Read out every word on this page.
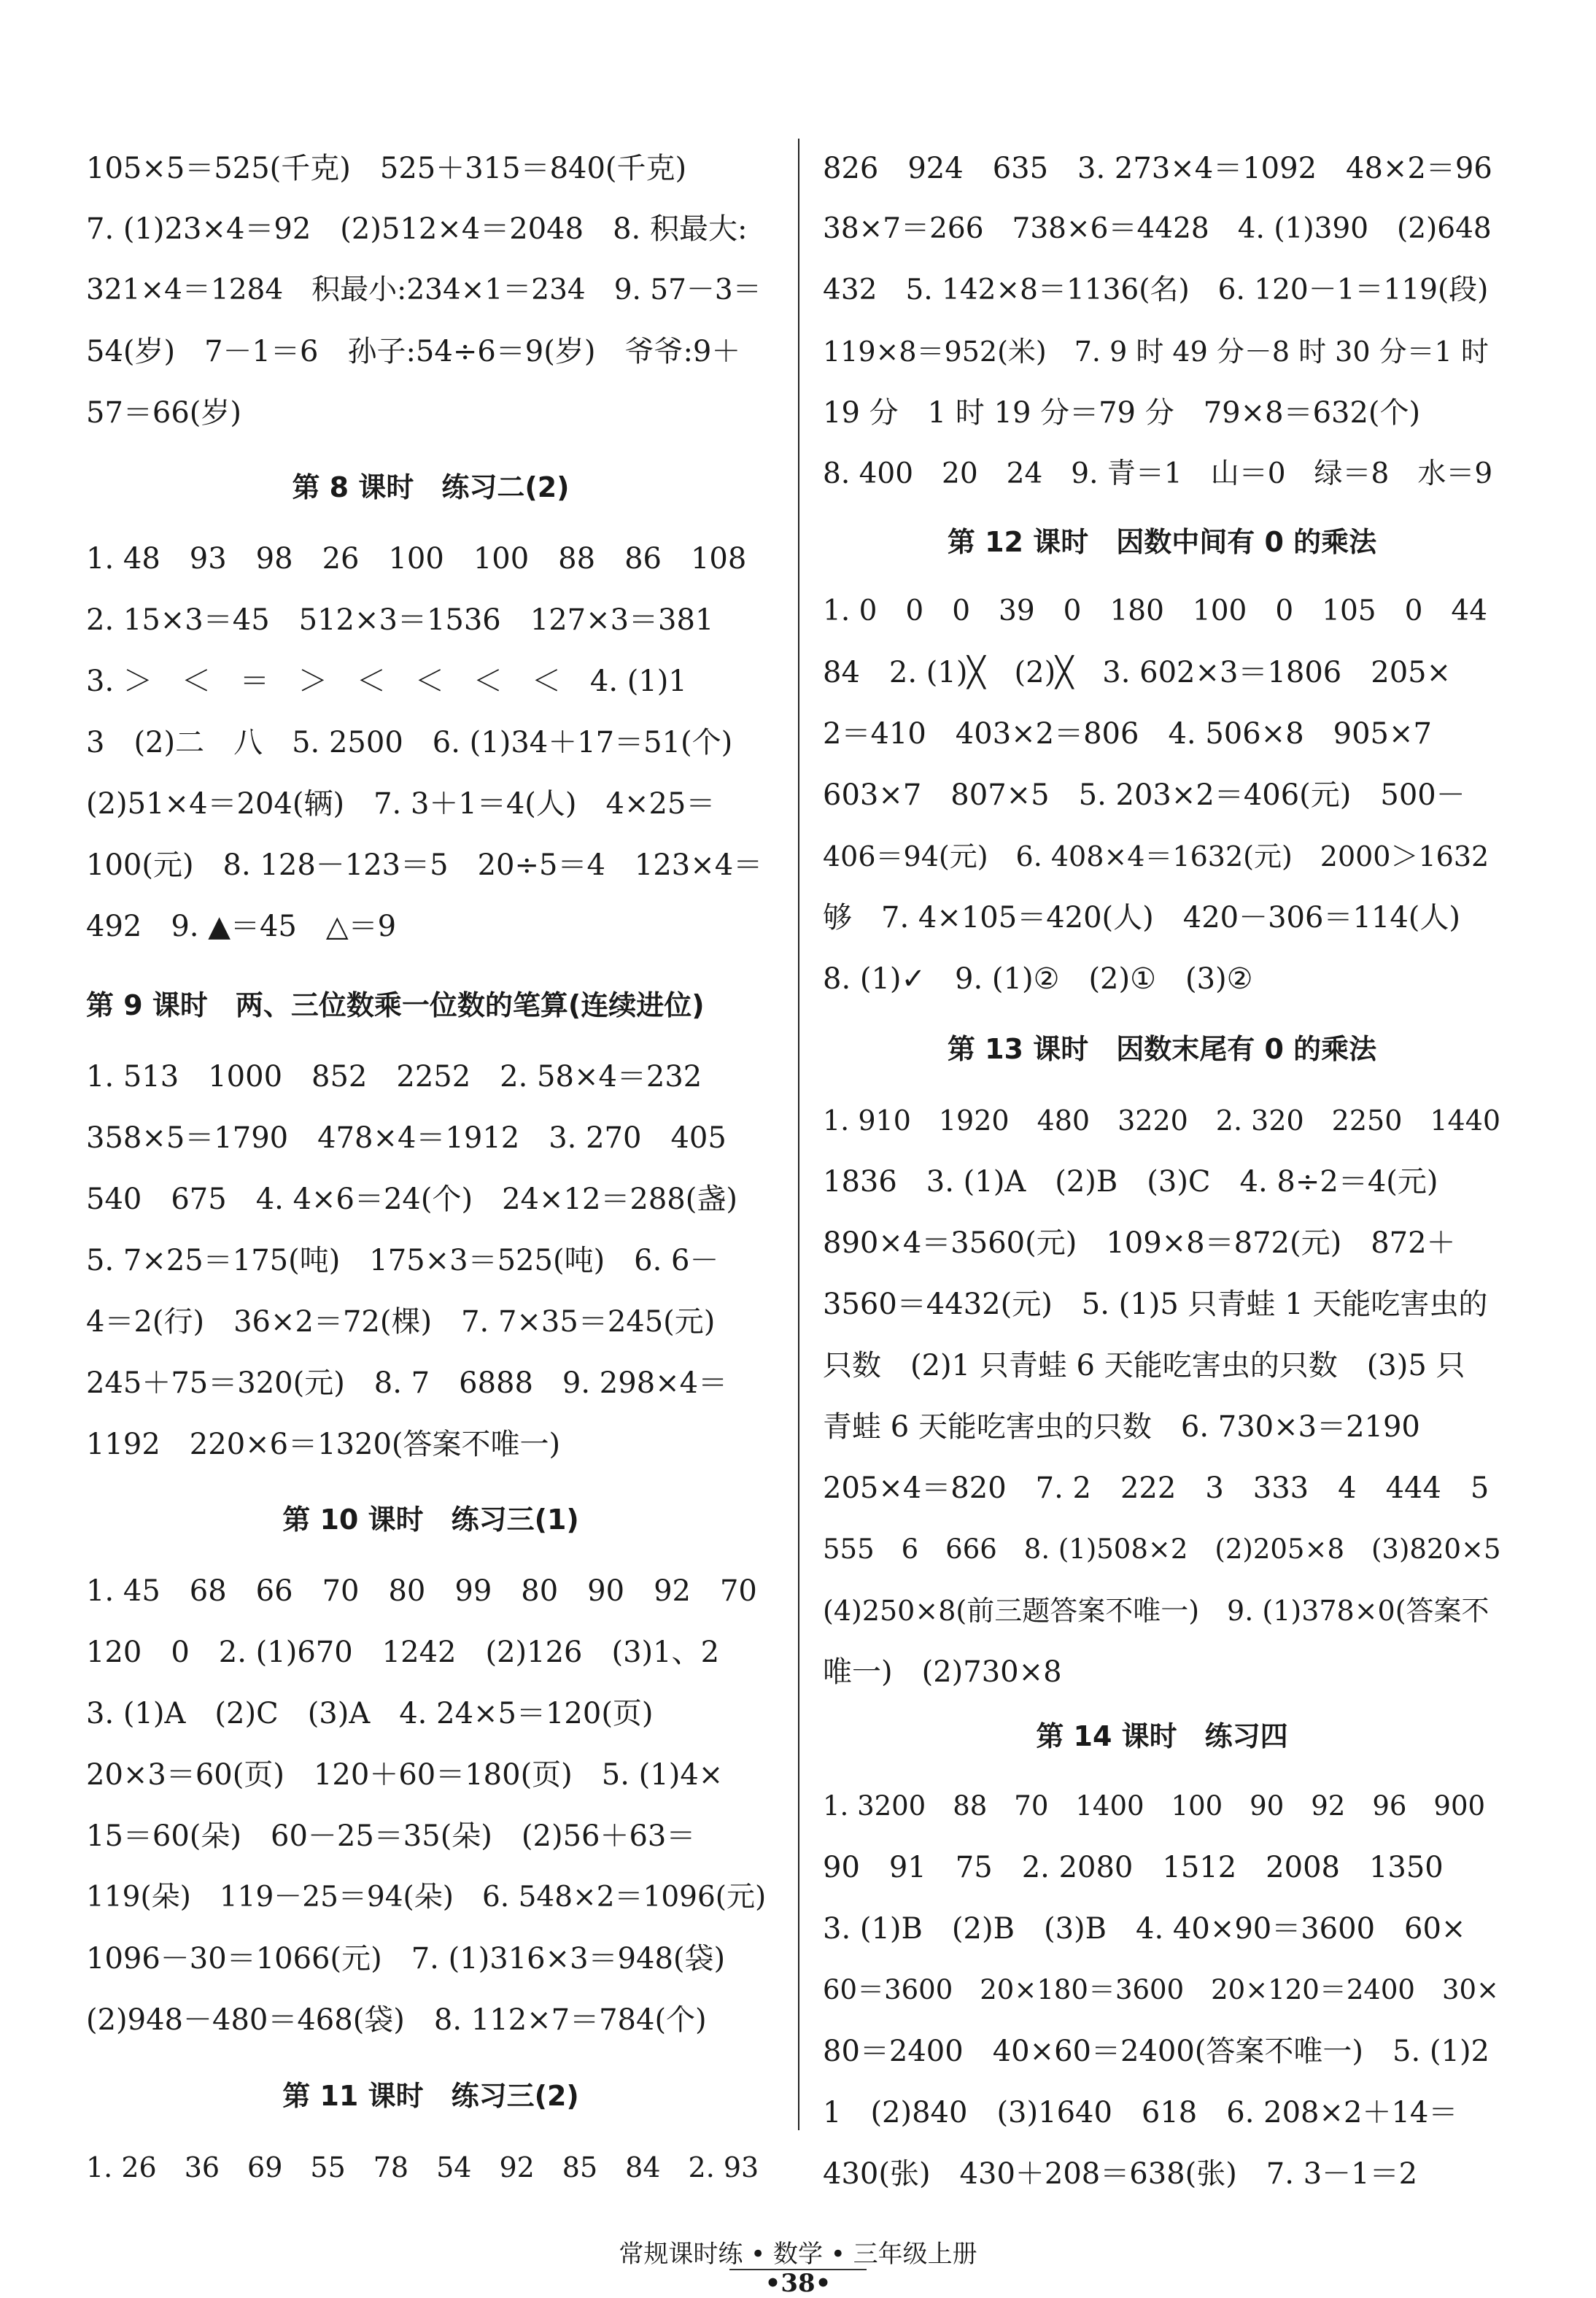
105×5＝525(千克)　525＋315＝840(千克)
7. (1)23×4＝92　(2)512×4＝2048　8. 积最大:
321×4＝1284　积最小:234×1＝234　9. 57－3＝
54(岁)　7－1＝6　孙子:54÷6＝9(岁)　爷爷:9＋
57＝66(岁)
第 8 课时　练习二(2)
1. 48　93　98　26　100　100　88　86　108
2. 15×3＝45　512×3＝1536　127×3＝381
3. ＞　＜　＝　＞　＜　＜　＜　＜　4. (1)1
3　(2)二　八　5. 2500　6. (1)34＋17＝51(个)
(2)51×4＝204(辆)　7. 3＋1＝4(人)　4×25＝
100(元)　8. 128－123＝5　20÷5＝4　123×4＝
492　9. ▲＝45　△＝9
第 9 课时　两、三位数乘一位数的笔算(连续进位)
1. 513　1000　852　2252　2. 58×4＝232
358×5＝1790　478×4＝1912　3. 270　405
540　675　4. 4×6＝24(个)　24×12＝288(盏)
5. 7×25＝175(吨)　175×3＝525(吨)　6. 6－
4＝2(行)　36×2＝72(棵)　7. 7×35＝245(元)
245＋75＝320(元)　8. 7　6888　9. 298×4＝
1192　220×6＝1320(答案不唯一)
第 10 课时　练习三(1)
1. 45　68　66　70　80　99　80　90　92　70
120　0　2. (1)670　1242　(2)126　(3)1、2
3. (1)A　(2)C　(3)A　4. 24×5＝120(页)
20×3＝60(页)　120＋60＝180(页)　5. (1)4×
15＝60(朵)　60－25＝35(朵)　(2)56＋63＝
119(朵)　119－25＝94(朵)　6. 548×2＝1096(元)
1096－30＝1066(元)　7. (1)316×3＝948(袋)
(2)948－480＝468(袋)　8. 112×7＝784(个)
第 11 课时　练习三(2)
1. 26　36　69　55　78　54　92　85　84　2. 93
826　924　635　3. 273×4＝1092　48×2＝96
38×7＝266　738×6＝4428　4. (1)390　(2)648
432　5. 142×8＝1136(名)　6. 120－1＝119(段)
119×8＝952(米)　7. 9 时 49 分－8 时 30 分＝1 时
19 分　1 时 19 分＝79 分　79×8＝632(个)
8. 400　20　24　9. 青＝1　山＝0　绿＝8　水＝9
第 12 课时　因数中间有 0 的乘法
1. 0　0　0　39　0　180　100　0　105　0　44
84　2. (1)╳　(2)╳　3. 602×3＝1806　205×
2＝410　403×2＝806　4. 506×8　905×7
603×7　807×5　5. 203×2＝406(元)　500－
406＝94(元)　6. 408×4＝1632(元)　2000＞1632
够　7. 4×105＝420(人)　420－306＝114(人)
8. (1)✓　9. (1)②　(2)①　(3)②
第 13 课时　因数末尾有 0 的乘法
1. 910　1920　480　3220　2. 320　2250　1440
1836　3. (1)A　(2)B　(3)C　4. 8÷2＝4(元)
890×4＝3560(元)　109×8＝872(元)　872＋
3560＝4432(元)　5. (1)5 只青蛙 1 天能吃害虫的
只数　(2)1 只青蛙 6 天能吃害虫的只数　(3)5 只
青蛙 6 天能吃害虫的只数　6. 730×3＝2190
205×4＝820　7. 2　222　3　333　4　444　5
555　6　666　8. (1)508×2　(2)205×8　(3)820×5
(4)250×8(前三题答案不唯一)　9. (1)378×0(答案不
唯一)　(2)730×8
第 14 课时　练习四
1. 3200　88　70　1400　100　90　92　96　900
90　91　75　2. 2080　1512　2008　1350
3. (1)B　(2)B　(3)B　4. 40×90＝3600　60×
60＝3600　20×180＝3600　20×120＝2400　30×
80＝2400　40×60＝2400(答案不唯一)　5. (1)2
1　(2)840　(3)1640　618　6. 208×2＋14＝
430(张)　430＋208＝638(张)　7. 3－1＝2
常规课时练 • 数学 • 三年级上册
•38•
